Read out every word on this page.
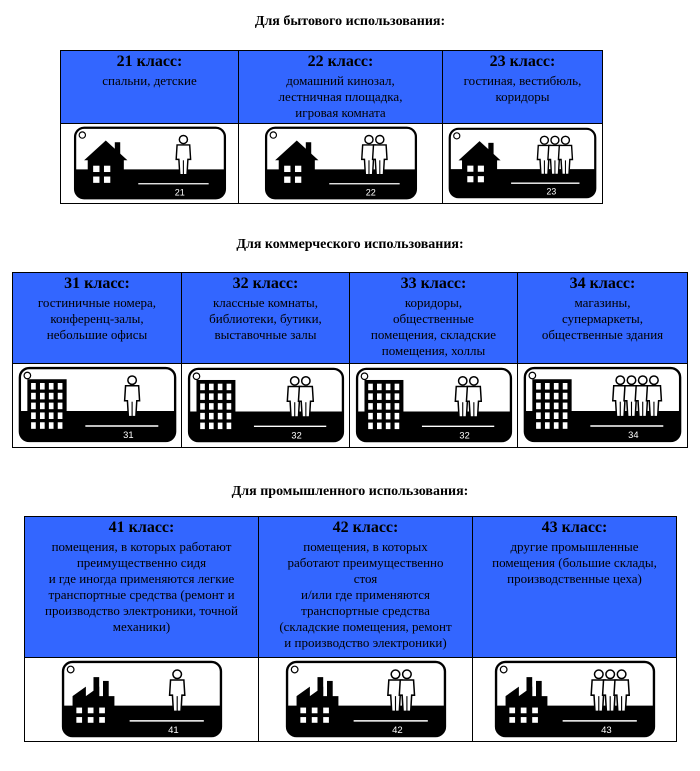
Для бытового использования:
21 класс:
спальни, детские
21
22 класс:
домашний кинозал,
лестничная площадка,
игровая комната
22
23 класс:
гостиная, вестибюль,
коридоры
23
Для коммерческого использования:
31 класс:
гостиничные номера,
конференц-залы,
небольшие офисы
31
32 класс:
классные комнаты,
библиотеки, бутики,
выставочные залы
32
33 класс:
коридоры,
общественные
помещения, складские
помещения, холлы
32
34 класс:
магазины,
супермаркеты,
общественные здания
34
Для промышленного использования:
41 класс:
помещения, в которых работают
преимущественно сидя
и где иногда применяются легкие
транспортные средства (ремонт и
производство электроники, точной
механики)
41
42 класс:
помещения, в которых
работают преимущественно
стоя
и/или где применяются
транспортные средства
(складские помещения, ремонт
и производство электроники)
42
43 класс:
другие промышленные
помещения (большие склады,
производственные цеха)
43
